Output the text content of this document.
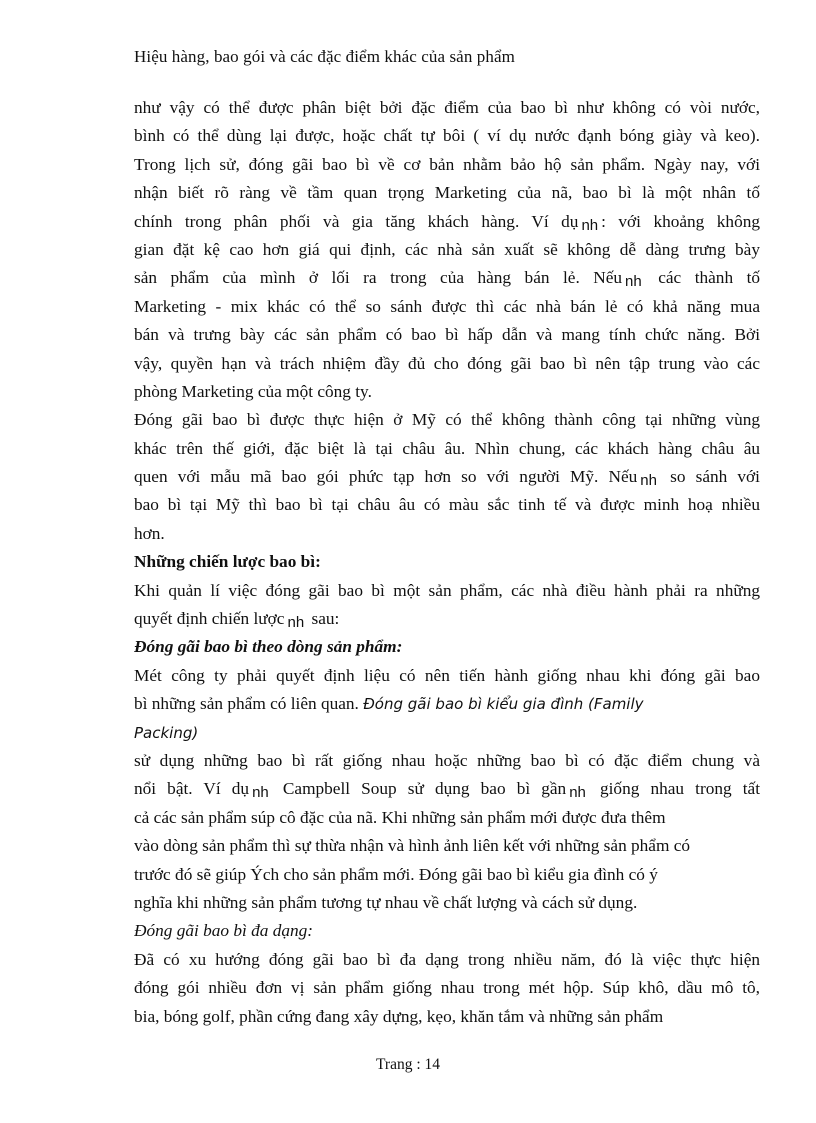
Hiệu hàng, bao gói và các đặc điểm khác của sản phẩm
như vậy có thể được phân biệt bởi đặc điểm của bao bì như không có vòi nước,
bình có thể dùng lại được, hoặc chất tự bôi ( ví dụ nước đạnh bóng giày và keo).
Trong lịch sử, đóng gãi bao bì về cơ bản nhằm bảo hộ sản phẩm. Ngày nay, với
nhận biết rõ ràng về tầm quan trọng Marketing của nã, bao bì là một nhân tố
chính trong phân phối và gia tăng khách hàng. Ví dụ nh : với khoảng không
gian đặt kệ cao hơn giá qui định, các nhà sản xuất sẽ không dễ dàng trưng bày
sản phẩm của mình ở lối ra trong của hàng bán lẻ. Nếu nh các thành tố
Marketing - mix khác có thể so sánh được thì các nhà bán lẻ có khả năng mua
bán và trưng bày các sản phẩm có bao bì hấp dẫn và mang tính chức năng. Bởi
vậy, quyền hạn và trách nhiệm đầy đủ cho đóng gãi bao bì nên tập trung vào các
phòng Marketing của một công ty.
Đóng gãi bao bì được thực hiện ở Mỹ có thể không thành công tại những vùng
khác trên thế giới, đặc biệt là tại châu âu. Nhìn chung, các khách hàng châu âu
quen với mẫu mã bao gói phức tạp hơn so với người Mỹ. Nếu nh so sánh với
bao bì tại Mỹ thì bao bì tại châu âu có màu sắc tinh tế và được minh hoạ nhiều
hơn.
Những chiến lược bao bì:
Khi quản lí việc đóng gãi bao bì một sản phẩm, các nhà điều hành phải ra những
quyết định chiến lược nh sau:
Đóng gãi bao bì theo dòng sản phẩm:
Mét công ty phải quyết định liệu có nên tiến hành giống nhau khi đóng gãi bao
bì những sản phẩm có liên quan. Đóng gãi bao bì kiểu gia đình (Family
Packing)
sử dụng những bao bì rất giống nhau hoặc những bao bì có đặc điểm chung và
nổi bật. Ví dụ nh Campbell Soup sử dụng bao bì gần nh giống nhau trong tất
cả các sản phẩm súp cô đặc của nã. Khi những sản phẩm mới được đưa thêm
vào dòng sản phẩm thì sự thừa nhận và hình ảnh liên kết với những sản phẩm có
trước đó sẽ giúp Ých cho sản phẩm mới. Đóng gãi bao bì kiểu gia đình có ý
nghĩa khi những sản phẩm tương tự nhau về chất lượng và cách sử dụng.
Đóng gãi bao bì đa dạng:
Đã có xu hướng đóng gãi bao bì đa dạng trong nhiều năm, đó là việc thực hiện
đóng gói nhiều đơn vị sản phẩm giống nhau trong mét hộp. Súp khô, dầu mô tô,
bia, bóng golf, phần cứng đang xây dựng, kẹo, khăn tắm và những sản phẩm
Trang : 14
